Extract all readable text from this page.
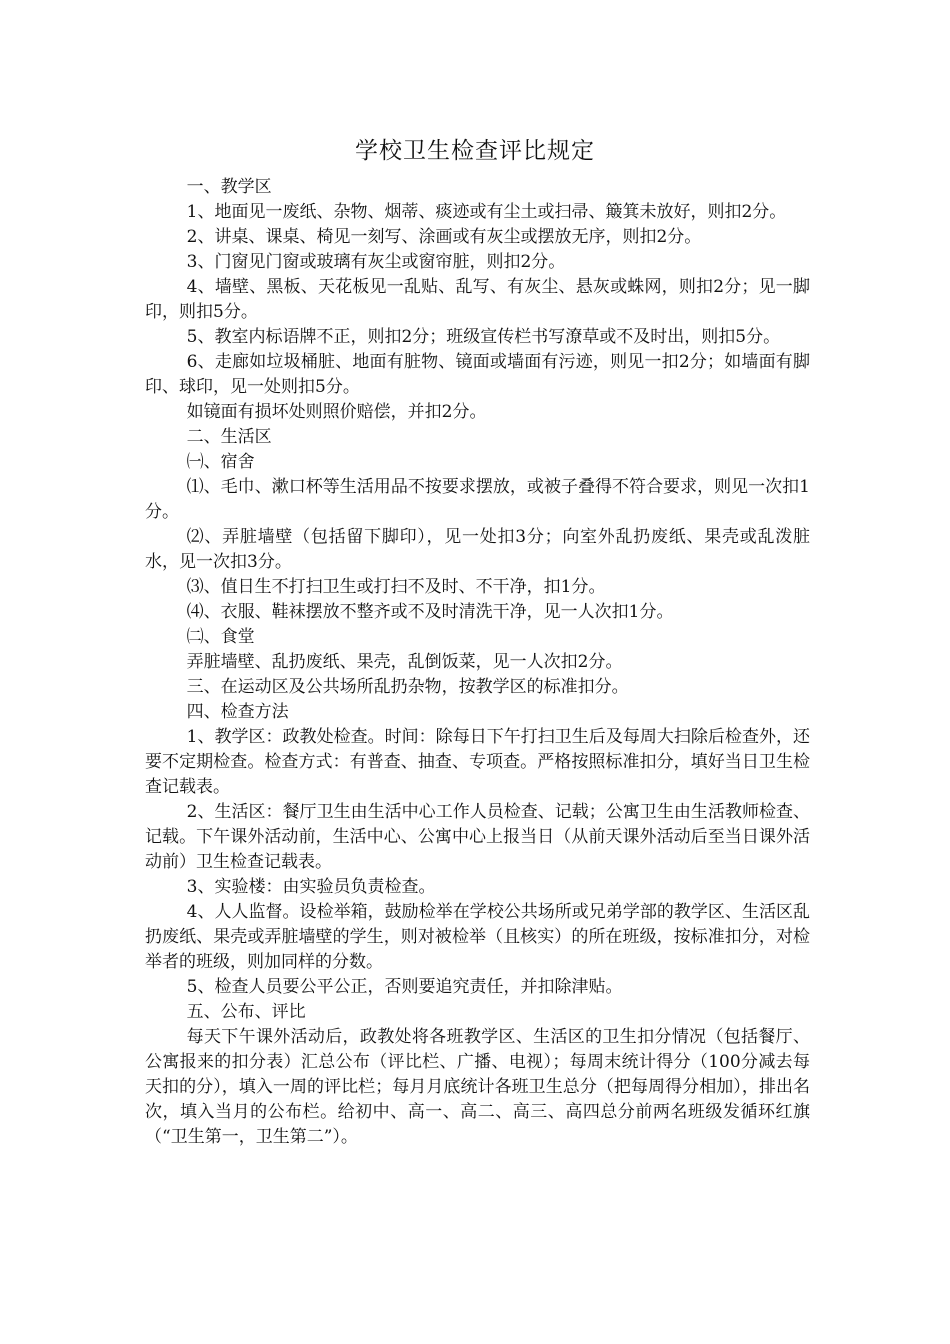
学校卫生检查评比规定

一、教学区

1、地面见一废纸、杂物、烟蒂、痰迹或有尘土或扫帚、簸箕未放好，则扣2分。

2、讲桌、课桌、椅见一刻写、涂画或有灰尘或摆放无序，则扣2分。

3、门窗见门窗或玻璃有灰尘或窗帘脏，则扣2分。

4、墙壁、黑板、天花板见一乱贴、乱写、有灰尘、悬灰或蛛网，则扣2分；见一脚印，则扣5分。

5、教室内标语牌不正，则扣2分；班级宣传栏书写潦草或不及时出，则扣5分。

6、走廊如垃圾桶脏、地面有脏物、镜面或墙面有污迹，则见一扣2分；如墙面有脚印、球印，见一处则扣5分。

如镜面有损坏处则照价赔偿，并扣2分。

二、生活区

㈠、宿舍

⑴、毛巾、漱口杯等生活用品不按要求摆放，或被子叠得不符合要求，则见一次扣1分。

⑵、弄脏墙壁（包括留下脚印），见一处扣3分；向室外乱扔废纸、果壳或乱泼脏水，见一次扣3分。

⑶、值日生不打扫卫生或打扫不及时、不干净，扣1分。

⑷、衣服、鞋袜摆放不整齐或不及时清洗干净，见一人次扣1分。

㈡、食堂

弄脏墙壁、乱扔废纸、果壳，乱倒饭菜，见一人次扣2分。

三、在运动区及公共场所乱扔杂物，按教学区的标准扣分。

四、检查方法

1、教学区：政教处检查。时间：除每日下午打扫卫生后及每周大扫除后检查外，还要不定期检查。检查方式：有普查、抽查、专项查。严格按照标准扣分，填好当日卫生检查记载表。

2、生活区：餐厅卫生由生活中心工作人员检查、记载；公寓卫生由生活教师检查、记载。下午课外活动前，生活中心、公寓中心上报当日（从前天课外活动后至当日课外活动前）卫生检查记载表。

3、实验楼：由实验员负责检查。

4、人人监督。设检举箱，鼓励检举在学校公共场所或兄弟学部的教学区、生活区乱扔废纸、果壳或弄脏墙壁的学生，则对被检举（且核实）的所在班级，按标准扣分，对检举者的班级，则加同样的分数。

5、检查人员要公平公正，否则要追究责任，并扣除津贴。

五、公布、评比

每天下午课外活动后，政教处将各班教学区、生活区的卫生扣分情况（包括餐厅、公寓报来的扣分表）汇总公布（评比栏、广播、电视）；每周末统计得分（100分减去每天扣的分），填入一周的评比栏；每月月底统计各班卫生总分（把每周得分相加），排出名次，填入当月的公布栏。给初中、高一、高二、高三、高四总分前两名班级发循环红旗（“卫生第一，卫生第二”）。
